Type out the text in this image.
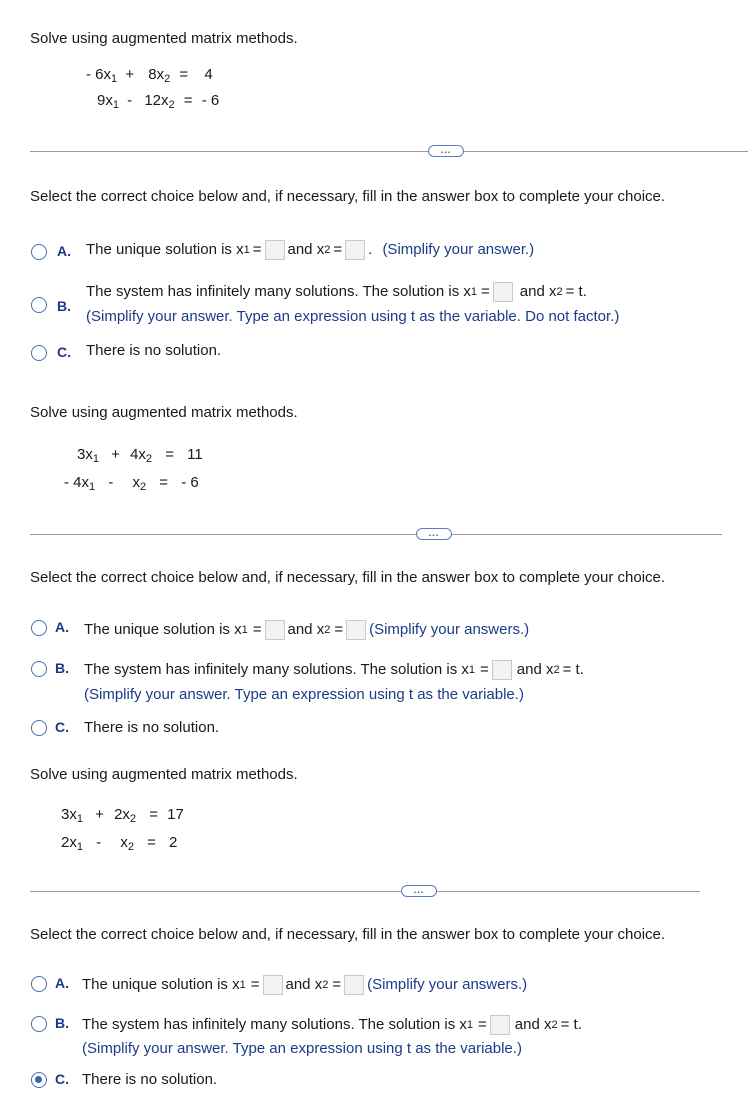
Solve using augmented matrix methods.
- $6x_1 + 8x_2 = 4$
$9x_1 - 12x_2$ = - 6
...
Select the correct choice below and, if necessary, fill in the answer box to complete your choice.
A. The unique solution is x 1 = and x 2 = . (Simplify your answer.)
B.
The system has infinitely many solutions. The solution is x 1 = and x 2 = t.
(Simplify your answer. Type an expression using t as the variable. Do not factor.)
C. There is no solution.
Solve using augmented matrix methods.
$3x_1 + 4x_2 = 11$
- $4x_1 - x_2$ = - 6
...
Select the correct choice below and, if necessary, fill in the answer box to complete your choice.
A. The unique solution is x 1 = and x 2 = (Simplify your answers.)
B. The system has infinitely many solutions. The solution is x 1 = and x 2 = t.
(Simplify your answer. Type an expression using t as the variable.)
C. There is no solution.
Solve using augmented matrix methods.
$3x_1 + 2x_2 = 17$
$2x_1 - x_2 = 2$
...
Select the correct choice below and, if necessary, fill in the answer box to complete your choice.
A. The unique solution is x 1 = and x 2 = (Simplify your answers.)
B. The system has infinitely many solutions. The solution is x 1 = and x 2 = t.
(Simplify your answer. Type an expression using t as the variable.)
C. There is no solution.
